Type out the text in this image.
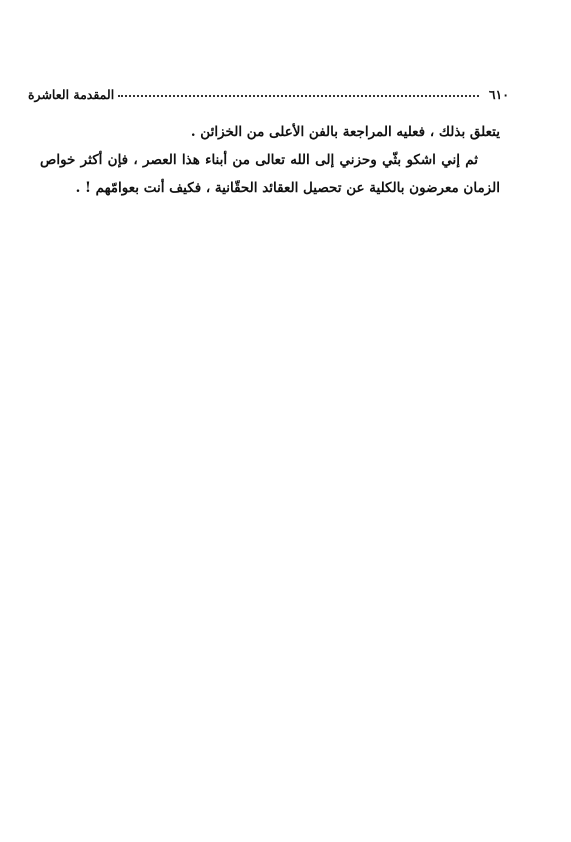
٦١٠
المقدمة العاشرة

يتعلق بذلك ، فعليه المراجعة بالفن الأعلى من الخزائن .

ثم إني اشكو بثّي وحزني إلى الله تعالى من أبناء هذا العصر ، فإن أكثر خواص الزمان معرضون بالكلية عن تحصيل العقائد الحقّانية ، فكيف أنت بعوامّهم ! .
